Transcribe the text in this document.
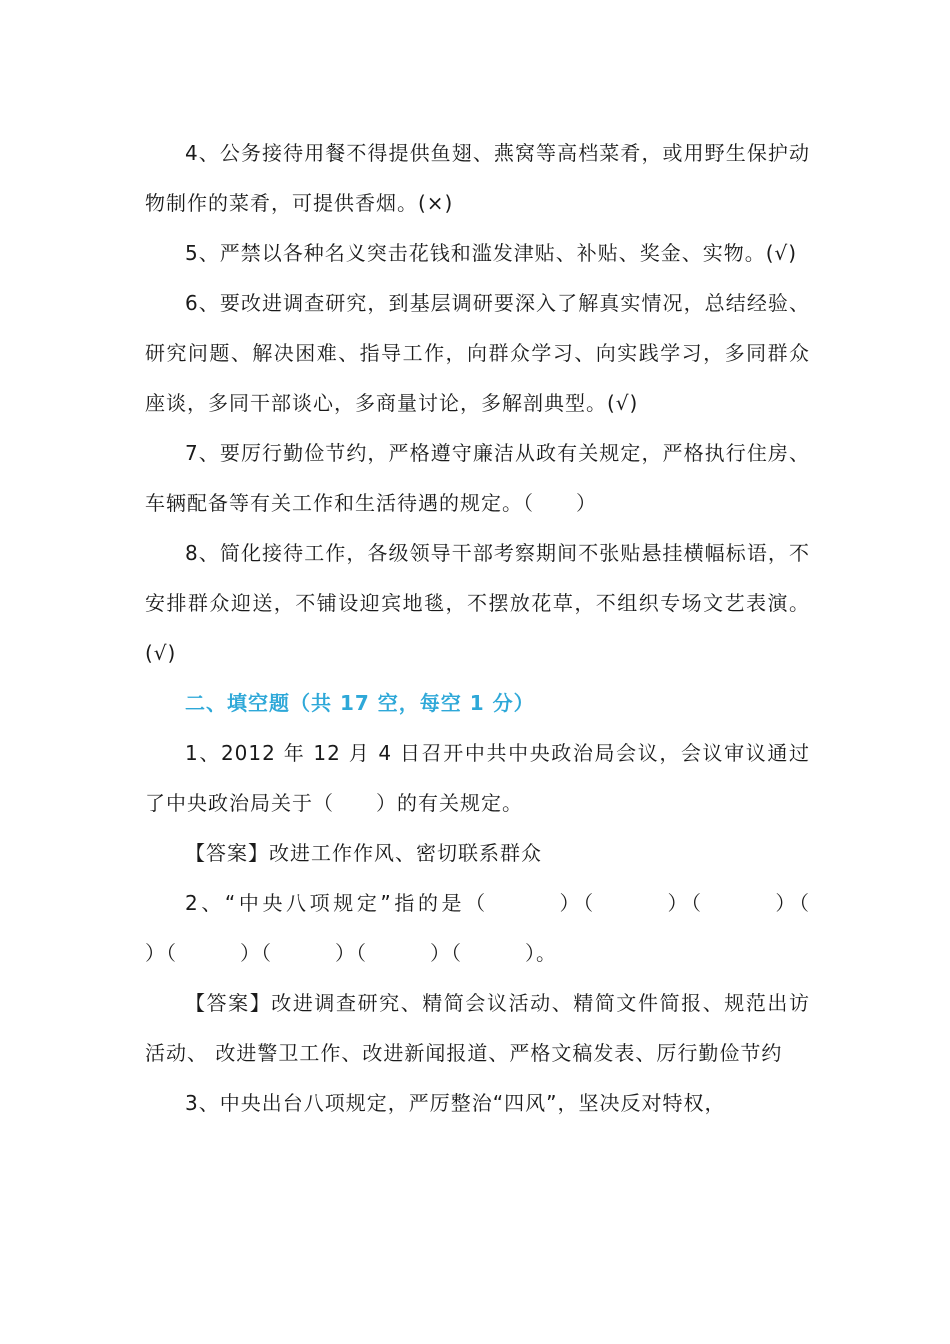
4、公务接待用餐不得提供鱼翅、燕窝等高档菜肴，或用野生保护动物制作的菜肴，可提供香烟。(×)

5、严禁以各种名义突击花钱和滥发津贴、补贴、奖金、实物。(√)

6、要改进调查研究，到基层调研要深入了解真实情况，总结经验、研究问题、解决困难、指导工作，向群众学习、向实践学习，多同群众座谈，多同干部谈心，多商量讨论，多解剖典型。(√)

7、要厉行勤俭节约，严格遵守廉洁从政有关规定，严格执行住房、车辆配备等有关工作和生活待遇的规定。（　　）

8、简化接待工作，各级领导干部考察期间不张贴悬挂横幅标语，不安排群众迎送，不铺设迎宾地毯，不摆放花草，不组织专场文艺表演。(√)

二、填空题（共 17 空，每空 1 分）

1、2012 年 12 月 4 日召开中共中央政治局会议，会议审议通过了中央政治局关于（　　）的有关规定。

【答案】改进工作作风、密切联系群众

2、“中央八项规定”指的是（　　　）（　　　）（　　　）（　　　）（　　　）（　　　）（　　　）（　　　）。

【答案】改进调查研究、精简会议活动、精简文件简报、规范出访活动、 改进警卫工作、改进新闻报道、严格文稿发表、厉行勤俭节约

3、中央出台八项规定，严厉整治“四风”，坚决反对特权，
